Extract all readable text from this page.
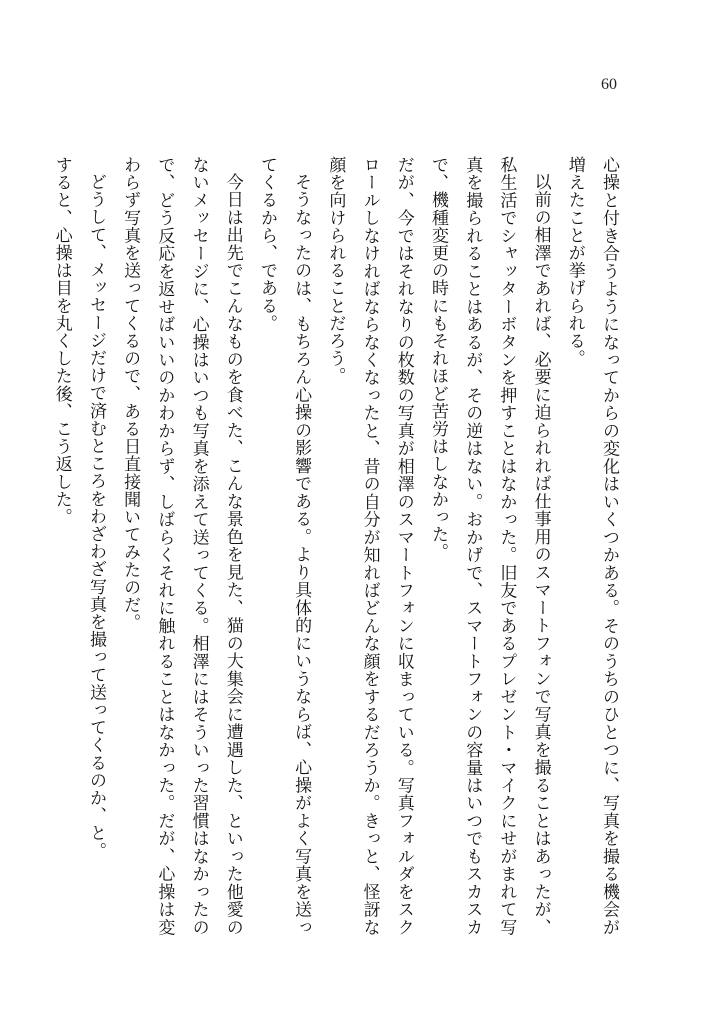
60

心操と付き合うようになってからの変化はいくつかある。そのうちのひとつに、写真を撮る機会が増えたことが挙げられる。

以前の相澤であれば、必要に迫られれば仕事用のスマートフォンで写真を撮ることはあったが、私生活でシャッターボタンを押すことはなかった。旧友であるプレゼント・マイクにせがまれて写真を撮られることはあるが、その逆はない。おかげで、スマートフォンの容量はいつでもスカスカで、機種変更の時にもそれほど苦労はしなかった。

だが、今ではそれなりの枚数の写真が相澤のスマートフォンに収まっている。写真フォルダをスクロールしなければならなくなったと、昔の自分が知ればどんな顔をするだろうか。きっと、怪訝な顔を向けられることだろう。

そうなったのは、もちろん心操の影響である。より具体的にいうならば、心操がよく写真を送ってくるから、である。

今日は出先でこんなものを食べた、こんな景色を見た、猫の大集会に遭遇した、といった他愛のないメッセージに、心操はいつも写真を添えて送ってくる。相澤にはそういった習慣はなかったので、どう反応を返せばいいのかわからず、しばらくそれに触れることはなかった。だが、心操は変わらず写真を送ってくるので、ある日直接聞いてみたのだ。

どうして、メッセージだけで済むところをわざわざ写真を撮って送ってくるのか、と。

すると、心操は目を丸くした後、こう返した。
